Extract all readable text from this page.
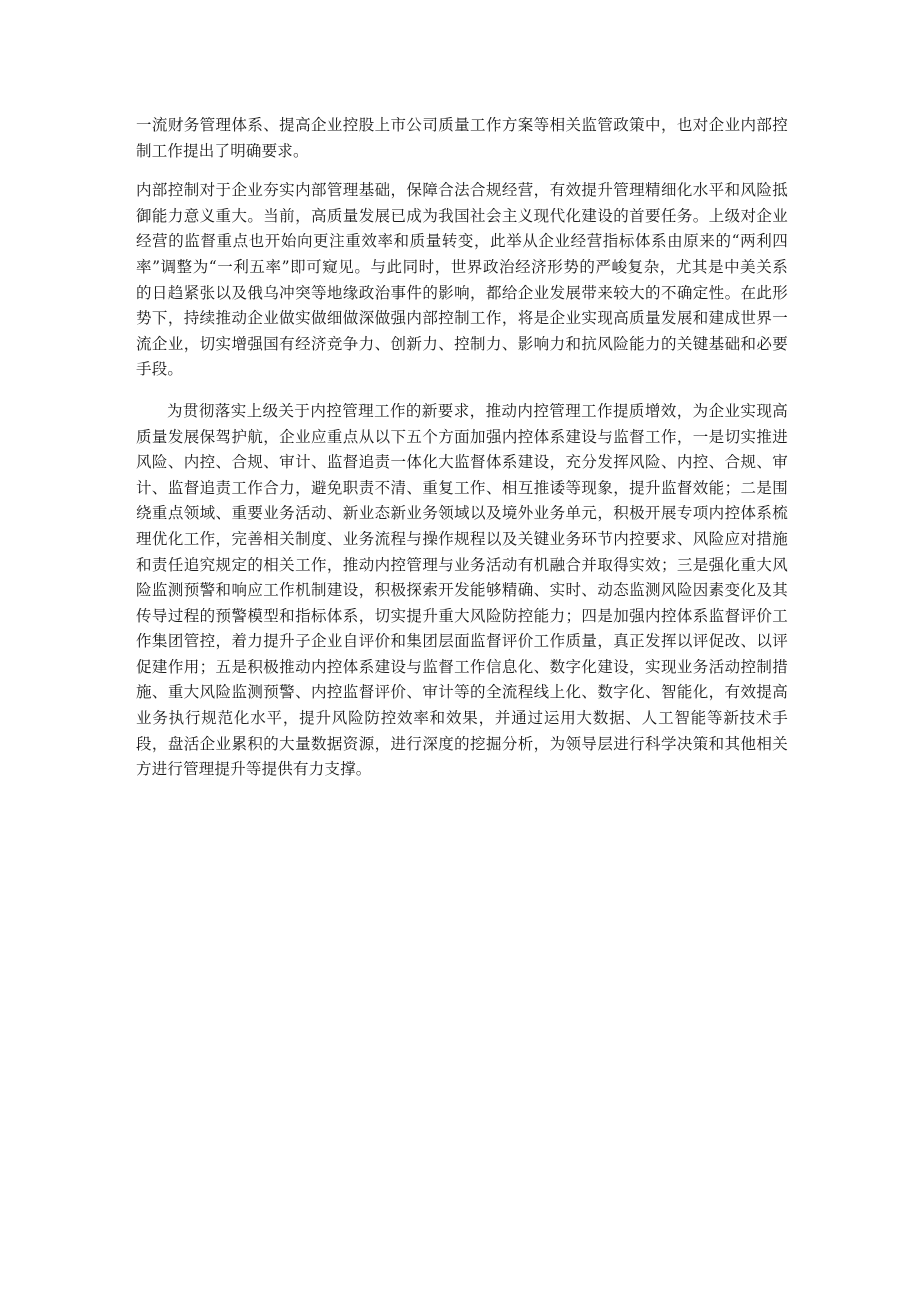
一流财务管理体系、提高企业控股上市公司质量工作方案等相关监管政策中，也对企业内部控制工作提出了明确要求。

内部控制对于企业夯实内部管理基础，保障合法合规经营，有效提升管理精细化水平和风险抵御能力意义重大。当前，高质量发展已成为我国社会主义现代化建设的首要任务。上级对企业经营的监督重点也开始向更注重效率和质量转变，此举从企业经营指标体系由原来的“两利四率”调整为“一利五率”即可窥见。与此同时，世界政治经济形势的严峻复杂，尤其是中美关系的日趋紧张以及俄乌冲突等地缘政治事件的影响，都给企业发展带来较大的不确定性。在此形势下，持续推动企业做实做细做深做强内部控制工作，将是企业实现高质量发展和建成世界一流企业，切实增强国有经济竞争力、创新力、控制力、影响力和抗风险能力的关键基础和必要手段。

为贯彻落实上级关于内控管理工作的新要求，推动内控管理工作提质增效，为企业实现高质量发展保驾护航，企业应重点从以下五个方面加强内控体系建设与监督工作，一是切实推进风险、内控、合规、审计、监督追责一体化大监督体系建设，充分发挥风险、内控、合规、审计、监督追责工作合力，避免职责不清、重复工作、相互推诿等现象，提升监督效能；二是围绕重点领域、重要业务活动、新业态新业务领域以及境外业务单元，积极开展专项内控体系梳理优化工作，完善相关制度、业务流程与操作规程以及关键业务环节内控要求、风险应对措施和责任追究规定的相关工作，推动内控管理与业务活动有机融合并取得实效；三是强化重大风险监测预警和响应工作机制建设，积极探索开发能够精确、实时、动态监测风险因素变化及其传导过程的预警模型和指标体系，切实提升重大风险防控能力；四是加强内控体系监督评价工作集团管控，着力提升子企业自评价和集团层面监督评价工作质量，真正发挥以评促改、以评促建作用；五是积极推动内控体系建设与监督工作信息化、数字化建设，实现业务活动控制措施、重大风险监测预警、内控监督评价、审计等的全流程线上化、数字化、智能化，有效提高业务执行规范化水平，提升风险防控效率和效果，并通过运用大数据、人工智能等新技术手段，盘活企业累积的大量数据资源，进行深度的挖掘分析，为领导层进行科学决策和其他相关方进行管理提升等提供有力支撑。
